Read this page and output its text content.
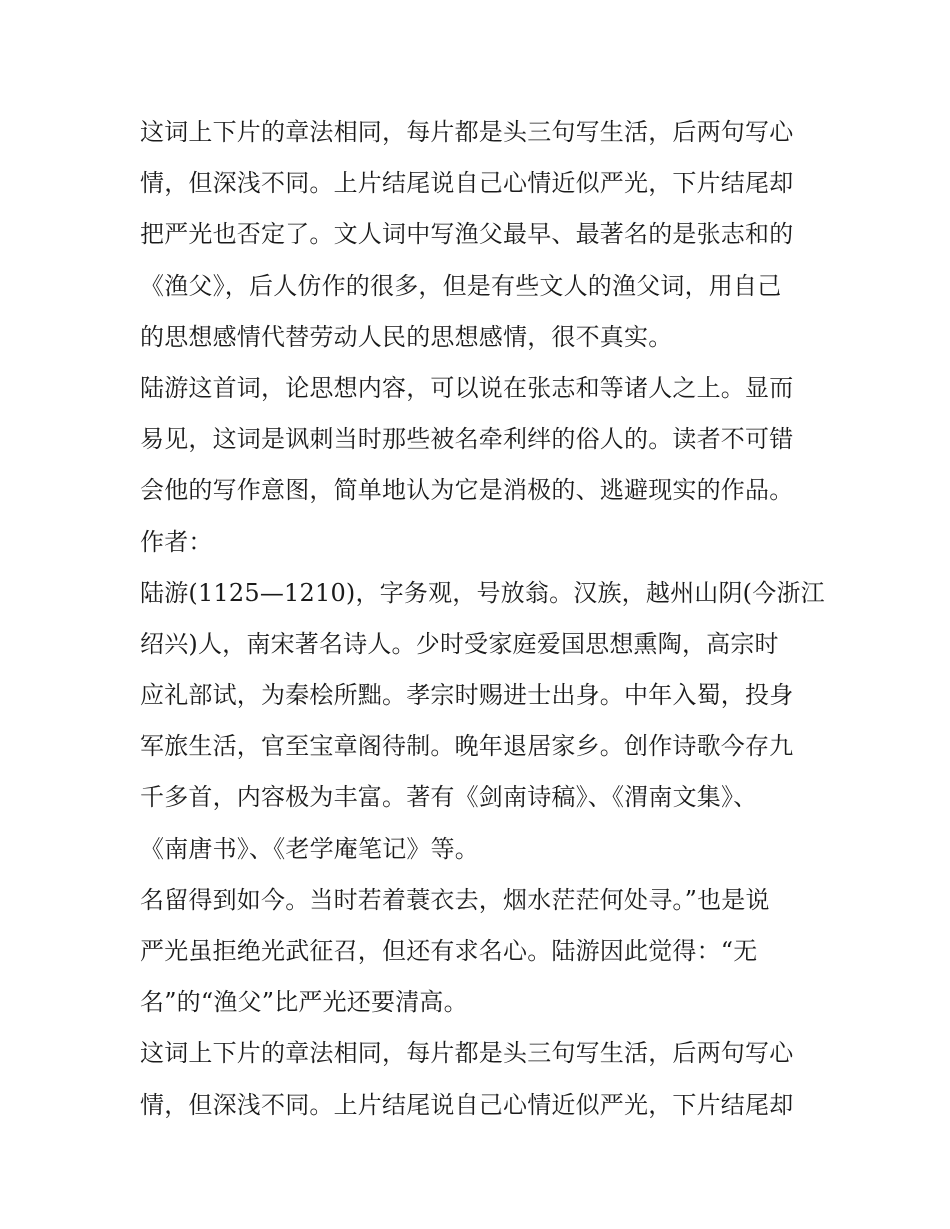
这词上下片的章法相同，每片都是头三句写生活，后两句写心
情，但深浅不同。上片结尾说自己心情近似严光，下片结尾却
把严光也否定了。文人词中写渔父最早、最著名的是张志和的
《渔父》，后人仿作的很多，但是有些文人的渔父词，用自己
的思想感情代替劳动人民的思想感情，很不真实。
陆游这首词，论思想内容，可以说在张志和等诸人之上。显而
易见，这词是讽刺当时那些被名牵利绊的俗人的。读者不可错
会他的写作意图，简单地认为它是消极的、逃避现实的作品。
作者：
陆游(1125—1210)，字务观，号放翁。汉族，越州山阴(今浙江
绍兴)人，南宋著名诗人。少时受家庭爱国思想熏陶，高宗时
应礼部试，为秦桧所黜。孝宗时赐进士出身。中年入蜀，投身
军旅生活，官至宝章阁待制。晚年退居家乡。创作诗歌今存九
千多首，内容极为丰富。著有《剑南诗稿》、《渭南文集》、
《南唐书》、《老学庵笔记》等。
名留得到如今。当时若着蓑衣去，烟水茫茫何处寻。”也是说
严光虽拒绝光武征召，但还有求名心。陆游因此觉得：“无
名”的“渔父”比严光还要清高。
这词上下片的章法相同，每片都是头三句写生活，后两句写心
情，但深浅不同。上片结尾说自己心情近似严光，下片结尾却
